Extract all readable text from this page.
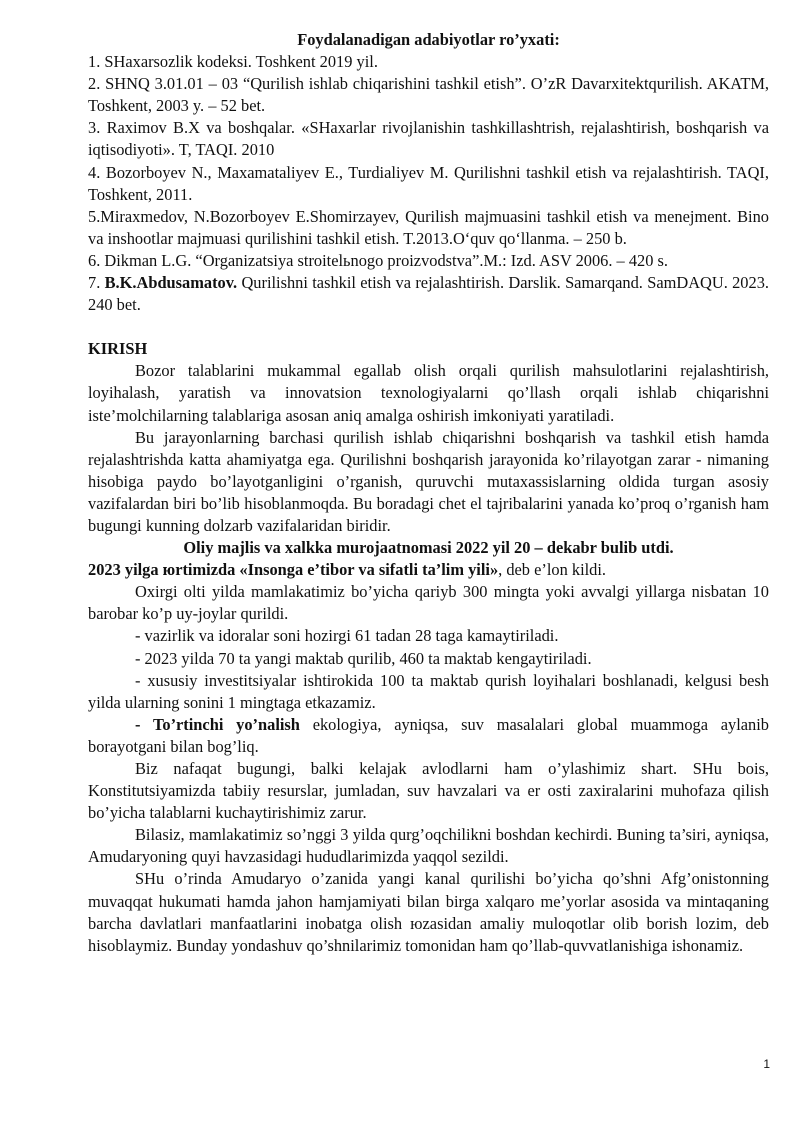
Foydalanadigan adabiyotlar ro’yxati:

1. SHaxarsozlik kodeksi. Toshkent 2019 yil.

2. SHNQ 3.01.01 – 03 “Qurilish ishlab chiqarishini tashkil etish”. O’zR Davarxitektqurilish. AKATM, Toshkent, 2003 y. – 52 bet.

3. Raximov B.X va boshqalar. «SHaxarlar rivojlanishin tashkillashtrish, rejalashtirish, boshqarish va iqtisodiyoti». T, TAQI. 2010

4. Bozorboyev N., Maxamataliyev E., Turdialiyev M. Qurilishni tashkil etish va rejalashtirish. TAQI, Toshkent, 2011.

5.Miraxmedov, N.Bozorboyev E.Shomirzayev, Qurilish majmuasini tashkil etish va menejment. Bino va inshootlar majmuasi qurilishini tashkil etish. T.2013.O‘quv qo‘llanma. – 250 b.

6. Dikman L.G. “Organizatsiya stroitelьnogo proizvodstva”.M.: Izd. ASV 2006. – 420 s.

7. B.K.Abdusamatov. Qurilishni tashkil etish va rejalashtirish. Darslik. Samarqand. SamDAQU. 2023. 240 bet.

KIRISH

Bozor talablarini mukammal egallab olish orqali qurilish mahsulotlarini rejalashtirish, loyihalash, yaratish va innovatsion texnologiyalarni qo’llash orqali ishlab chiqarishni iste’molchilarning talablariga asosan aniq amalga oshirish imkoniyati yaratiladi.

Bu jarayonlarning barchasi qurilish ishlab chiqarishni boshqarish va tashkil etish hamda rejalashtrishda katta ahamiyatga ega. Qurilishni boshqarish jarayonida ko’rilayotgan zarar - nimaning hisobiga paydo bo’layotganligini o’rganish, quruvchi mutaxassislarning oldida turgan asosiy vazifalardan biri bo’lib hisoblanmoqda. Bu boradagi chet el tajribalarini yanada ko’proq o’rganish ham bugungi kunning dolzarb vazifalaridan biridir.

Oliy majlis va xalkka murojaatnomasi 2022 yil 20 – dekabr bulib utdi.

2023 yilga юrtimizda «Insonga e’tibor va sifatli ta’lim yili», deb e’lon kildi.

Oxirgi olti yilda mamlakatimiz bo’yicha qariyb 300 mingta yoki avvalgi yillarga nisbatan 10 barobar ko’p uy-joylar qurildi.

- vazirlik va idoralar soni hozirgi 61 tadan 28 taga kamaytiriladi.

- 2023 yilda 70 ta yangi maktab qurilib, 460 ta maktab kengaytiriladi.

- xususiy investitsiyalar ishtirokida 100 ta maktab qurish loyihalari boshlanadi, kelgusi besh yilda ularning sonini 1 mingtaga etkazamiz.

- To’rtinchi yo’nalish ekologiya, ayniqsa, suv masalalari global muammoga aylanib borayotgani bilan bog’liq.

Biz nafaqat bugungi, balki kelajak avlodlarni ham o’ylashimiz shart. SHu bois, Konstitutsiyamizda tabiiy resurslar, jumladan, suv havzalari va er osti zaxiralarini muhofaza qilish bo’yicha talablarni kuchaytirishimiz zarur.

Bilasiz, mamlakatimiz so’nggi 3 yilda qurg’oqchilikni boshdan kechirdi. Buning ta’siri, ayniqsa, Amudaryoning quyi havzasidagi hududlarimizda yaqqol sezildi.

SHu o’rinda Amudaryo o’zanida yangi kanal qurilishi bo’yicha qo’shni Afg’onistonning muvaqqat hukumati hamda jahon hamjamiyati bilan birga xalqaro me’yorlar asosida va mintaqaning barcha davlatlari manfaatlarini inobatga olish юzasidan amaliy muloqotlar olib borish lozim, deb hisoblaymiz. Bunday yondashuv qo’shnilarimiz tomonidan ham qo’llab-quvvatlanishiga ishonamiz.

1
